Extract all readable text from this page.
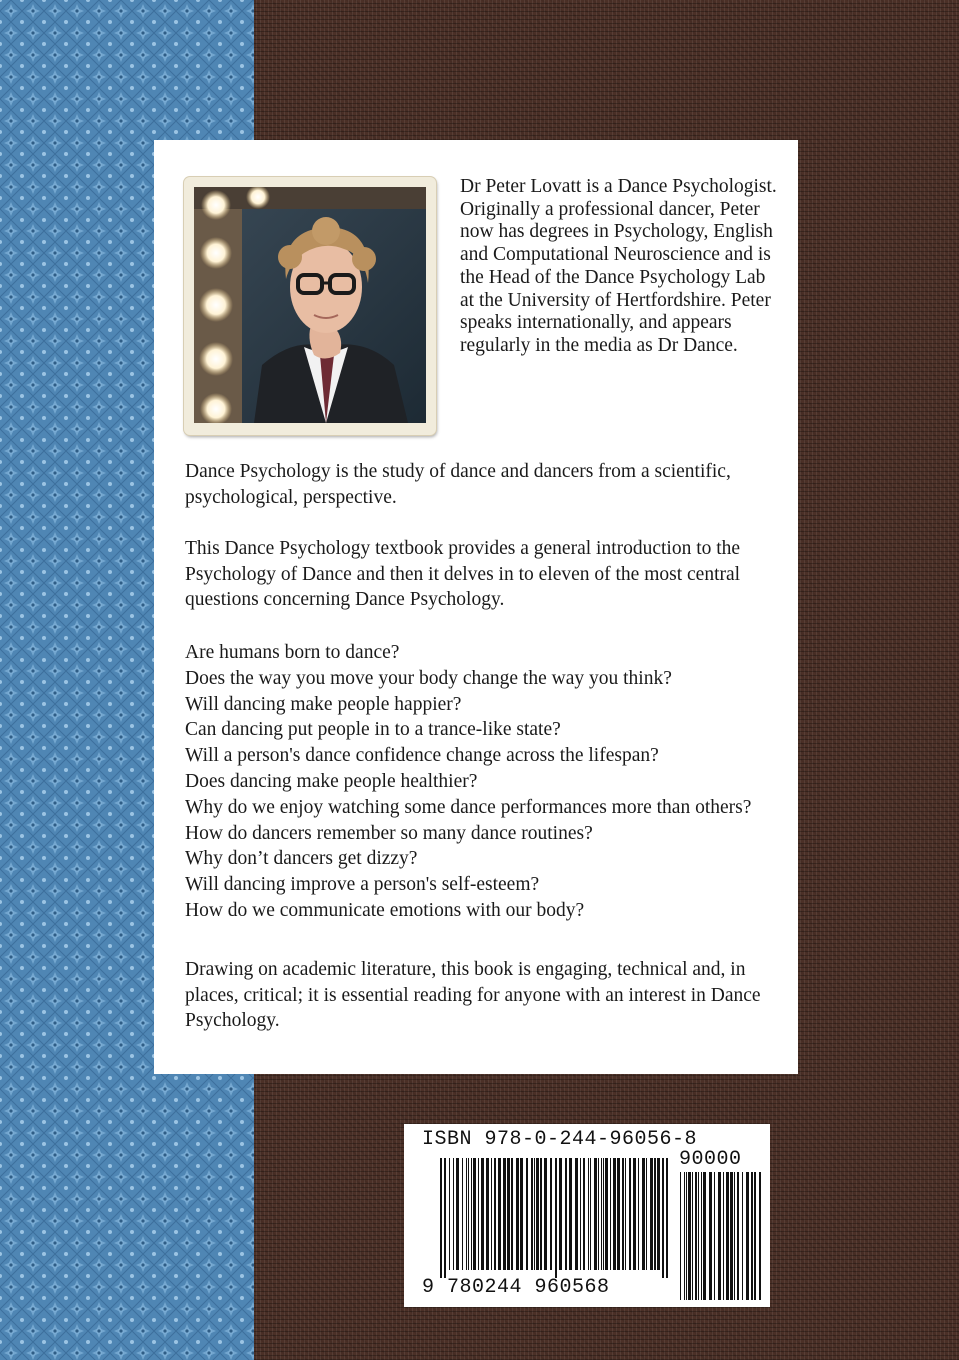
Dr Peter Lovatt is a Dance Psychologist. Originally a professional dancer, Peter now has degrees in Psychology, English and Computational Neuroscience and is the Head of the Dance Psychology Lab at the University of Hertfordshire. Peter speaks internationally, and appears regularly in the media as Dr Dance.

Dance Psychology is the study of dance and dancers from a scientific, psychological, perspective.

This Dance Psychology textbook provides a general introduction to the Psychology of Dance and then it delves in to eleven of the most central questions concerning Dance Psychology.

Are humans born to dance?
Does the way you move your body change the way you think?
Will dancing make people happier?
Can dancing put people in to a trance-like state?
Will a person's dance confidence change across the lifespan?
Does dancing make people healthier?
Why do we enjoy watching some dance performances more than others?
How do dancers remember so many dance routines?
Why don’t dancers get dizzy?
Will dancing improve a person's self-esteem?
How do we communicate emotions with our body?

Drawing on academic literature, this book is engaging, technical and, in places, critical; it is essential reading for anyone with an interest in Dance Psychology.

ISBN 978-0-244-96056-8
90000
9 780244 960568
